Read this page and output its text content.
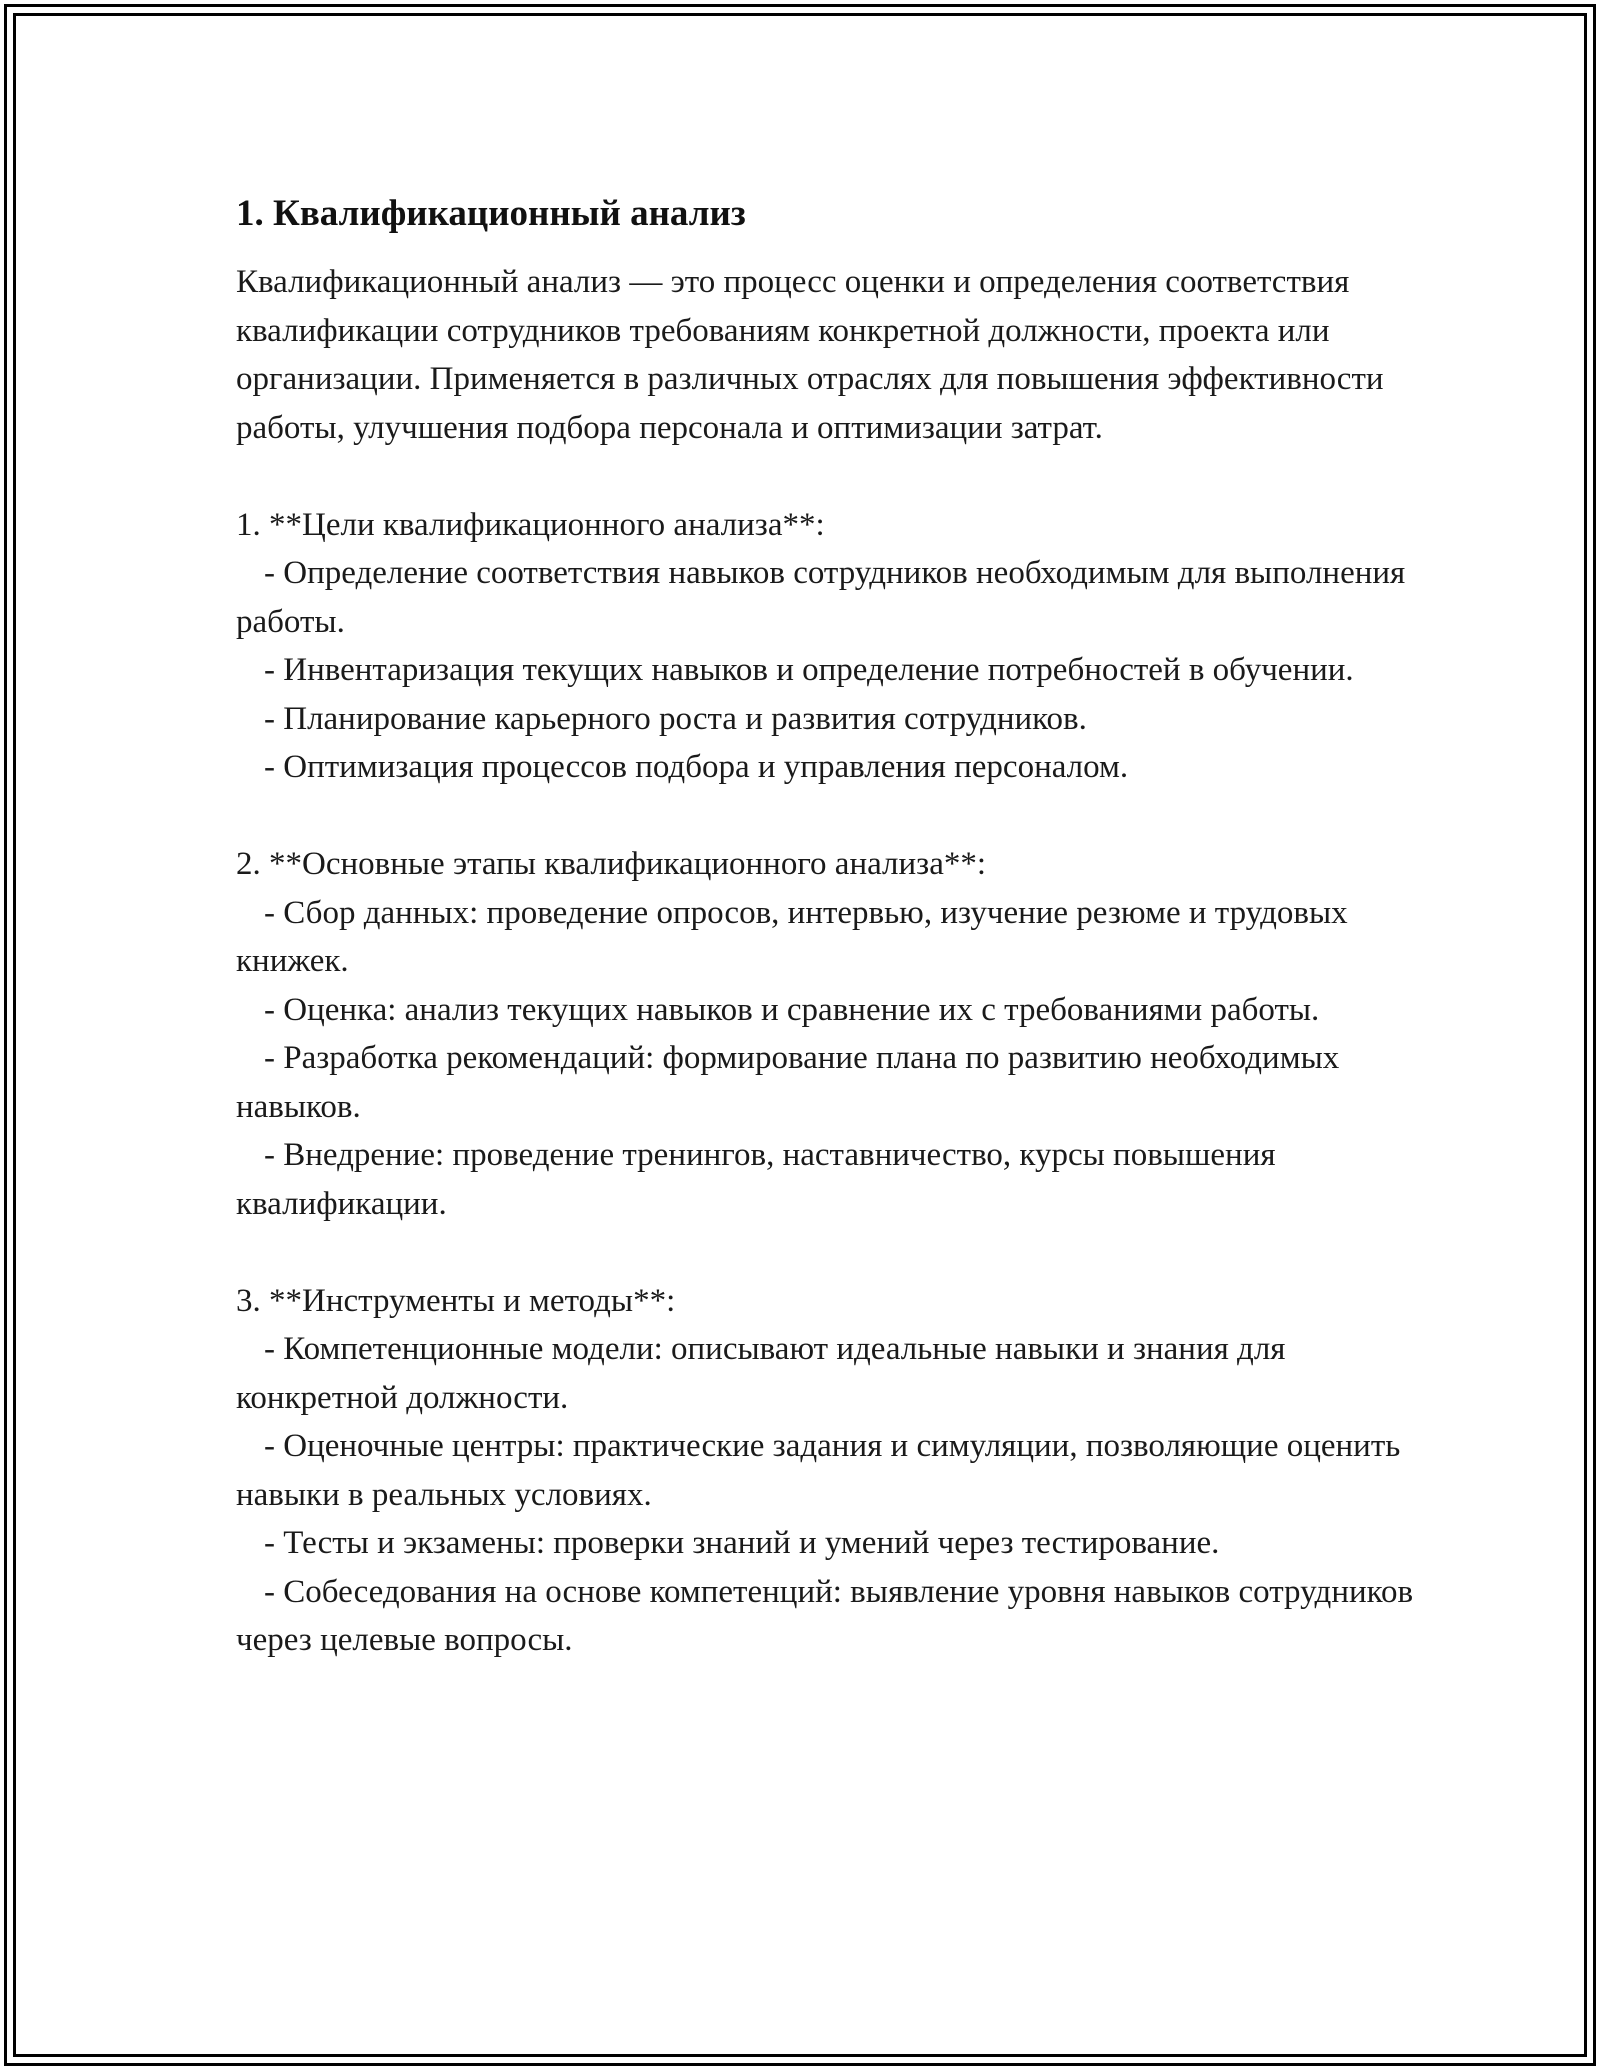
1. Квалификационный анализ

Квалификационный анализ — это процесс оценки и определения соответствия квалификации сотрудников требованиям конкретной должности, проекта или организации. Применяется в различных отраслях для повышения эффективности работы, улучшения подбора персонала и оптимизации затрат.

1. **Цели квалификационного анализа**:

- Определение соответствия навыков сотрудников необходимым для выполнения работы.

- Инвентаризация текущих навыков и определение потребностей в обучении.

- Планирование карьерного роста и развития сотрудников.

- Оптимизация процессов подбора и управления персоналом.

2. **Основные этапы квалификационного анализа**:

- Сбор данных: проведение опросов, интервью, изучение резюме и трудовых книжек.

- Оценка: анализ текущих навыков и сравнение их с требованиями работы.

- Разработка рекомендаций: формирование плана по развитию необходимых навыков.

- Внедрение: проведение тренингов, наставничество, курсы повышения квалификации.

3. **Инструменты и методы**:

- Компетенционные модели: описывают идеальные навыки и знания для конкретной должности.

- Оценочные центры: практические задания и симуляции, позволяющие оценить навыки в реальных условиях.

- Тесты и экзамены: проверки знаний и умений через тестирование.

- Собеседования на основе компетенций: выявление уровня навыков сотрудников через целевые вопросы.
